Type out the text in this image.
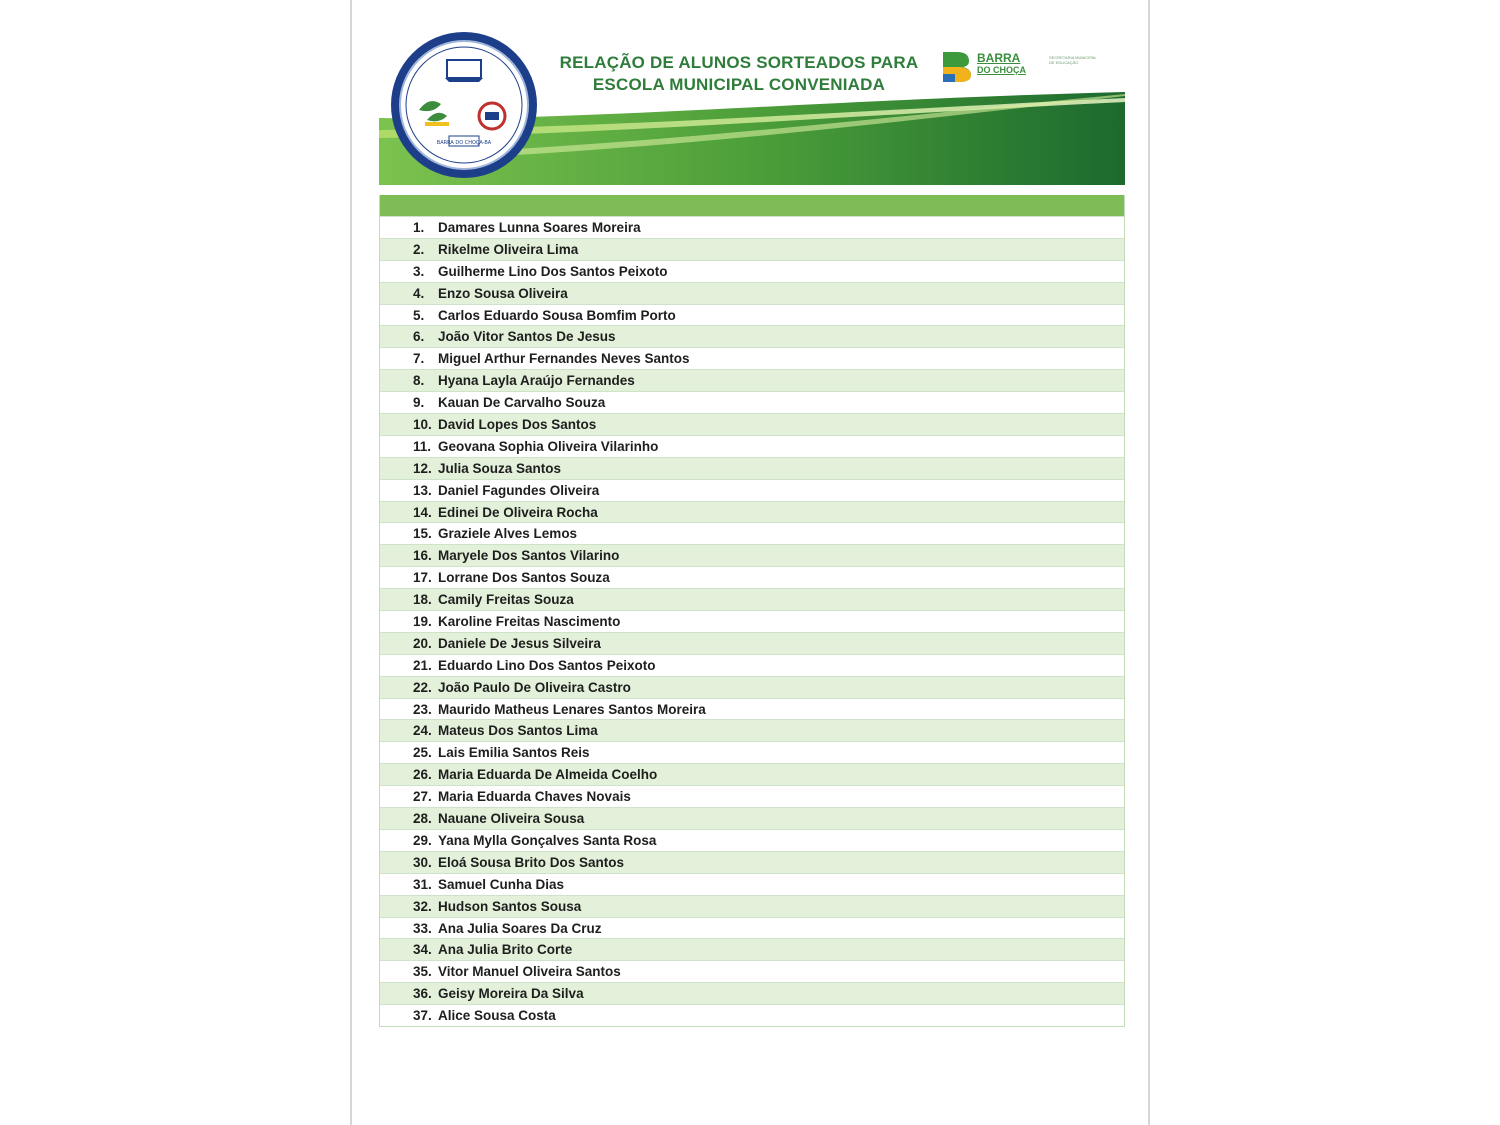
BARRA DO CHOÇA-BA
RELAÇÃO DE ALUNOS SORTEADOS PARA
ESCOLA MUNICIPAL CONVENIADA
BARRA
DO CHOÇA
SECRETARIA MUNICIPAL DE EDUCAÇÃO
1. Damares Lunna Soares Moreira
2. Rikelme Oliveira Lima
3. Guilherme Lino Dos Santos Peixoto
4. Enzo Sousa Oliveira
5. Carlos Eduardo Sousa Bomfim Porto
6. João Vitor Santos De Jesus
7. Miguel Arthur Fernandes Neves Santos
8. Hyana Layla Araújo Fernandes
9. Kauan De Carvalho Souza
10. David Lopes Dos Santos
11. Geovana Sophia Oliveira Vilarinho
12. Julia Souza Santos
13. Daniel Fagundes Oliveira
14. Edinei De Oliveira Rocha
15. Graziele Alves Lemos
16. Maryele Dos Santos Vilarino
17. Lorrane Dos Santos Souza
18. Camily Freitas Souza
19. Karoline Freitas Nascimento
20. Daniele De Jesus Silveira
21. Eduardo Lino Dos Santos Peixoto
22. João Paulo De Oliveira Castro
23. Maurido Matheus Lenares Santos Moreira
24. Mateus Dos Santos Lima
25. Lais Emilia Santos Reis
26. Maria Eduarda De Almeida Coelho
27. Maria Eduarda Chaves Novais
28. Nauane Oliveira Sousa
29. Yana Mylla Gonçalves Santa Rosa
30. Eloá Sousa Brito Dos Santos
31. Samuel Cunha Dias
32. Hudson Santos Sousa
33. Ana Julia Soares Da Cruz
34. Ana Julia Brito Corte
35. Vitor Manuel Oliveira Santos
36. Geisy Moreira Da Silva
37. Alice Sousa Costa
